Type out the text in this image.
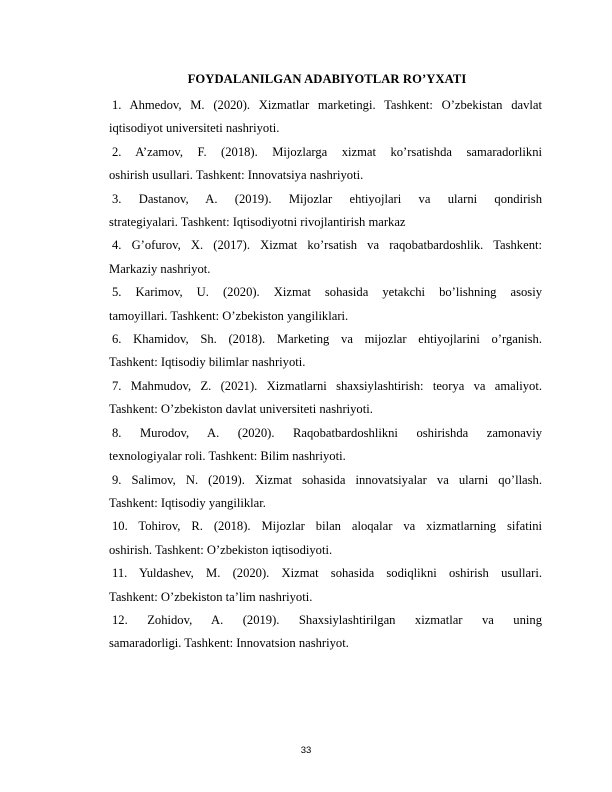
FOYDALANILGAN ADABIYOTLAR RO’YXATI
1. Ahmedov, M. (2020). Xizmatlar marketingi. Tashkent: O’zbekistan davlat
iqtisodiyot universiteti nashriyoti.
2. A’zamov, F. (2018). Mijozlarga xizmat ko’rsatishda samaradorlikni
oshirish usullari. Tashkent: Innovatsiya nashriyoti.
3. Dastanov, A. (2019). Mijozlar ehtiyojlari va ularni qondirish
strategiyalari. Tashkent: Iqtisodiyotni rivojlantirish markaz
4. G’ofurov, X. (2017). Xizmat ko’rsatish va raqobatbardoshlik. Tashkent:
Markaziy nashriyot.
5. Karimov, U. (2020). Xizmat sohasida yetakchi bo’lishning asosiy
tamoyillari. Tashkent: O’zbekiston yangiliklari.
6. Khamidov, Sh. (2018). Marketing va mijozlar ehtiyojlarini o’rganish.
Tashkent: Iqtisodiy bilimlar nashriyoti.
7. Mahmudov, Z. (2021). Xizmatlarni shaxsiylashtirish: teorya va amaliyot.
Tashkent: O’zbekiston davlat universiteti nashriyoti.
8. Murodov, A. (2020). Raqobatbardoshlikni oshirishda zamonaviy
texnologiyalar roli. Tashkent: Bilim nashriyoti.
9. Salimov, N. (2019). Xizmat sohasida innovatsiyalar va ularni qo’llash.
Tashkent: Iqtisodiy yangiliklar.
10. Tohirov, R. (2018). Mijozlar bilan aloqalar va xizmatlarning sifatini
oshirish. Tashkent: O’zbekiston iqtisodiyoti.
11. Yuldashev, M. (2020). Xizmat sohasida sodiqlikni oshirish usullari.
Tashkent: O’zbekiston ta’lim nashriyoti.
12. Zohidov, A. (2019). Shaxsiylashtirilgan xizmatlar va uning
samaradorligi. Tashkent: Innovatsion nashriyot.
33
